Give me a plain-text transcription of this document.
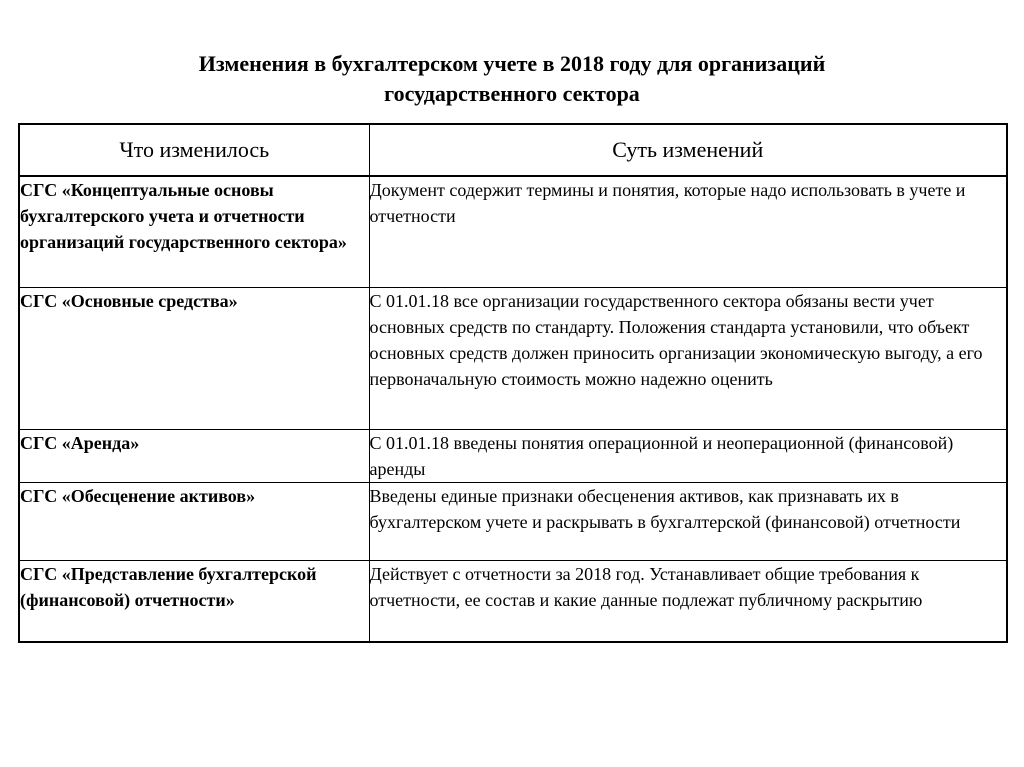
Изменения в бухгалтерском учете в 2018 году для организаций
государственного сектора
Что изменилось	Суть изменений
СГС «Концептуальные основы бухгалтерского учета и отчетности организаций государственного сектора»	Документ содержит термины и понятия, которые надо использовать в учете и отчетности
СГС «Основные средства»	С 01.01.18 все организации государственного сектора обязаны вести учет основных средств по стандарту. Положения стандарта установили, что объект основных средств должен приносить организации экономическую выгоду, а его первоначальную стоимость можно надежно оценить
СГС «Аренда»	С 01.01.18 введены понятия операционной и неоперационной (финансовой) аренды
СГС «Обесценение активов»	Введены единые признаки обесценения активов, как признавать их в бухгалтерском учете и раскрывать в бухгалтерской (финансовой) отчетности
СГС «Представление бухгалтерской (финансовой) отчетности»	Действует с отчетности за 2018 год. Устанавливает общие требования к отчетности, ее состав и какие данные подлежат публичному раскрытию
